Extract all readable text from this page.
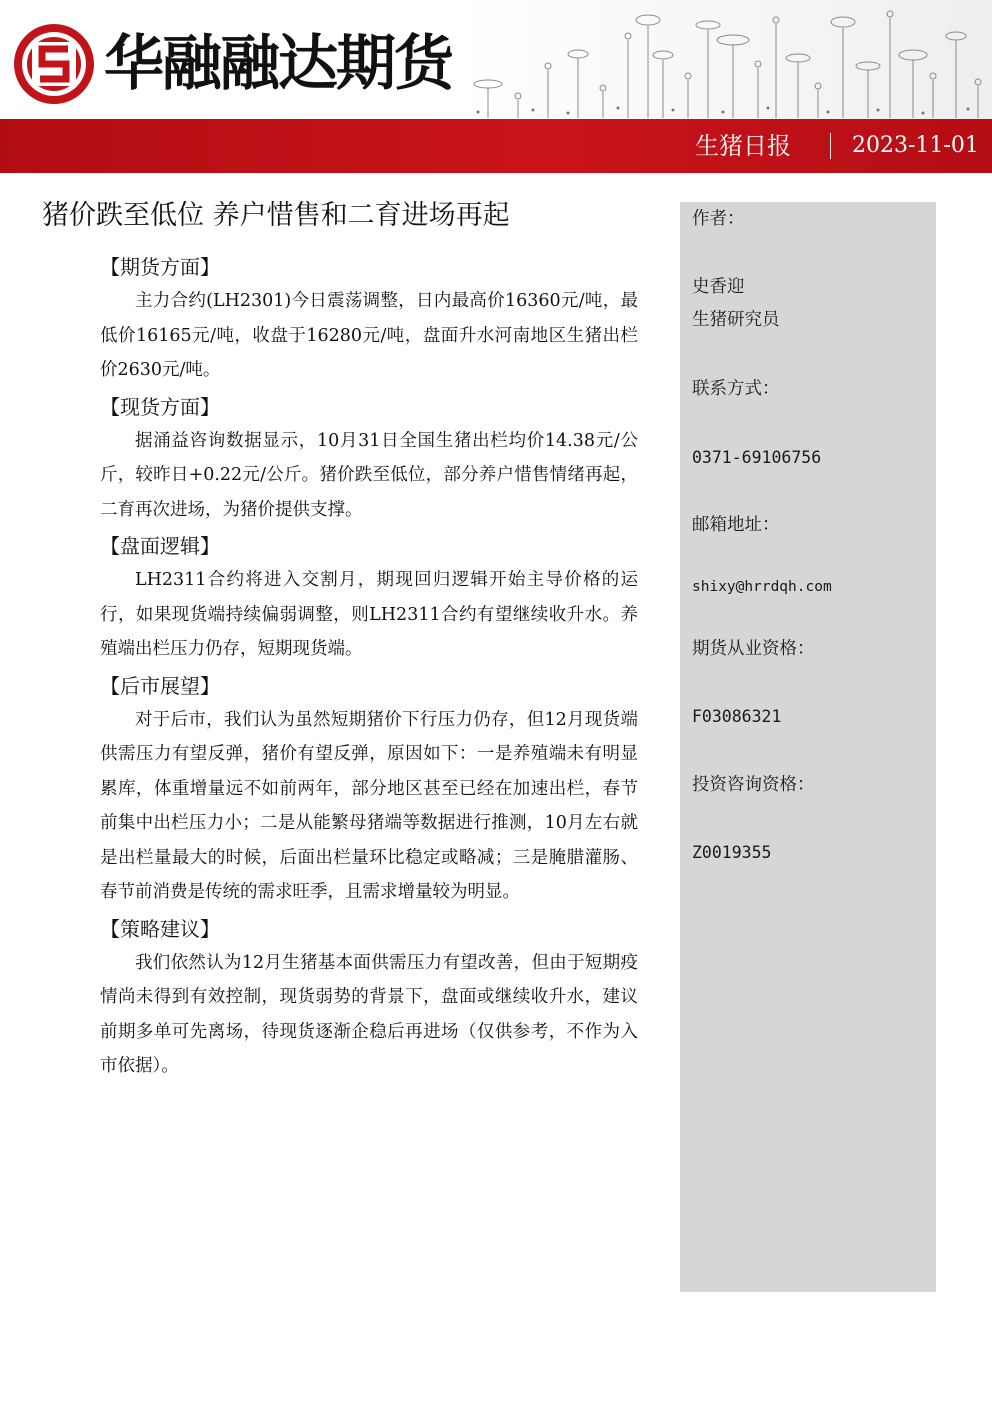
华融融达期货
生猪日报	2023-11-01
猪价跌至低位 养户惜售和二育进场再起
【期货方面】

主力合约(LH2301)今日震荡调整，日内最高价16360元/吨，最低价16165元/吨，收盘于16280元/吨，盘面升水河南地区生猪出栏价2630元/吨。

【现货方面】

据涌益咨询数据显示，10月31日全国生猪出栏均价14.38元/公斤，较昨日+0.22元/公斤。猪价跌至低位，部分养户惜售情绪再起，二育再次进场，为猪价提供支撑。

【盘面逻辑】

LH2311合约将进入交割月，期现回归逻辑开始主导价格的运行，如果现货端持续偏弱调整，则LH2311合约有望继续收升水。养殖端出栏压力仍存，短期现货端。

【后市展望】

对于后市，我们认为虽然短期猪价下行压力仍存，但12月现货端供需压力有望反弹，猪价有望反弹，原因如下：一是养殖端未有明显累库，体重增量远不如前两年，部分地区甚至已经在加速出栏，春节前集中出栏压力小；二是从能繁母猪端等数据进行推测，10月左右就是出栏量最大的时候，后面出栏量环比稳定或略减；三是腌腊灌肠、春节前消费是传统的需求旺季，且需求增量较为明显。

【策略建议】

我们依然认为12月生猪基本面供需压力有望改善，但由于短期疫情尚未得到有效控制，现货弱势的背景下，盘面或继续收升水，建议前期多单可先离场，待现货逐渐企稳后再进场（仅供参考，不作为入市依据）。

作者：
史香迎
生猪研究员
联系方式：
0371-69106756
邮箱地址：
shixy@hrrdqh.com
期货从业资格：
F03086321
投资咨询资格：
Z0019355
